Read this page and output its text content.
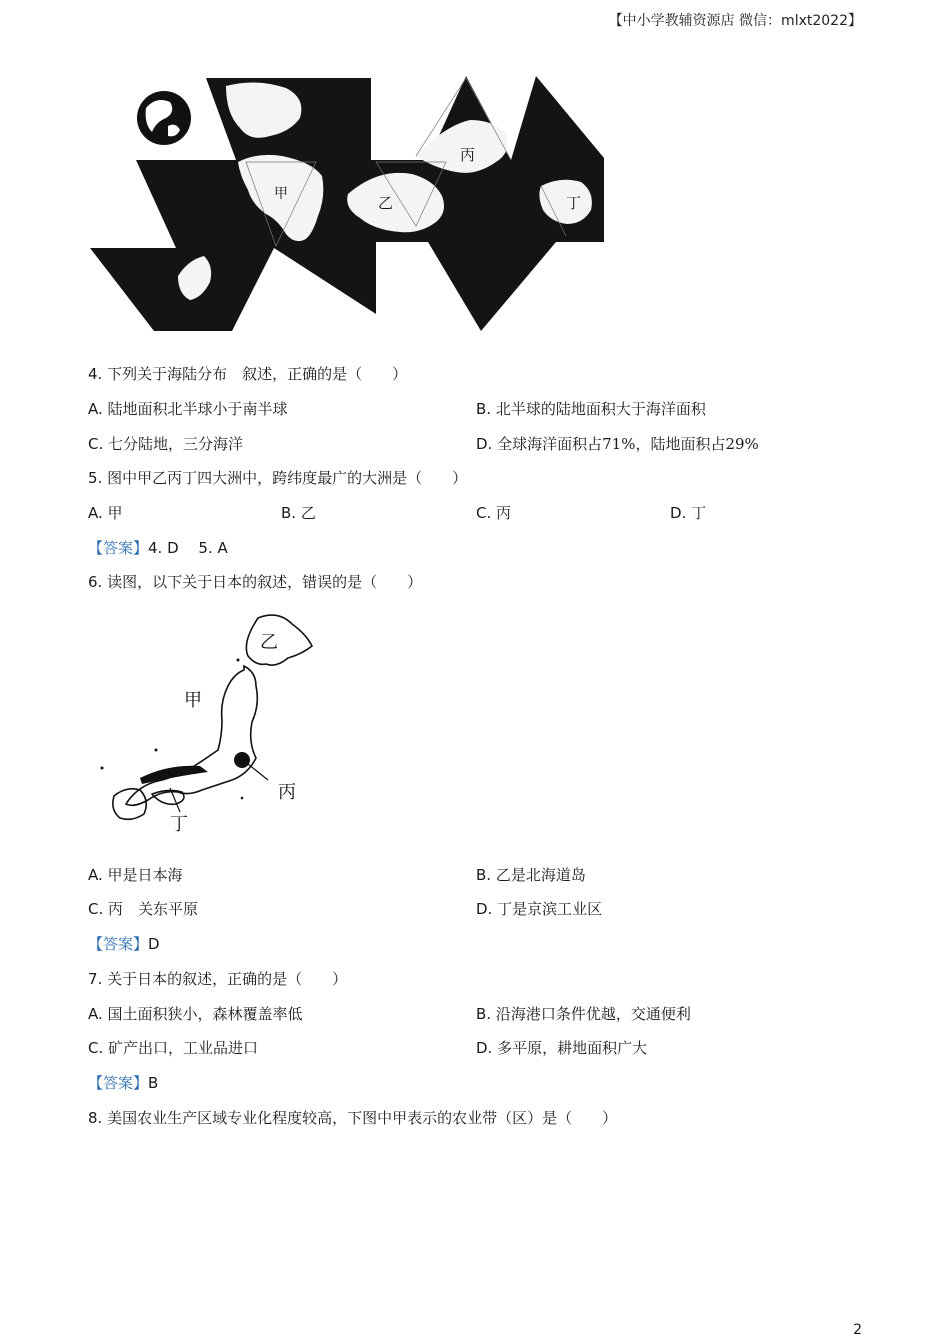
【中小学教辅资源店 微信：mlxt2022】
甲	乙
丙
丁
4. 下列关于海陆分布　叙述，正确的是（　　）
A. 陆地面积北半球小于南半球	B. 北半球的陆地面积大于海洋面积
C. 七分陆地，三分海洋	D. 全球海洋面积占71%，陆地面积占29%
5. 图中甲乙丙丁四大洲中，跨纬度最广的大洲是（　　）
A. 甲	B. 乙	C. 丙	D. 丁
【答案】4. D　 5. A
6. 读图，以下关于日本的叙述，错误的是（　　）
乙
甲
丙
丁
A. 甲是日本海	B. 乙是北海道岛
C. 丙　关东平原	D. 丁是京滨工业区
【答案】D
7. 关于日本的叙述，正确的是（　　）
A. 国土面积狭小，森林覆盖率低	B. 沿海港口条件优越，交通便利
C. 矿产出口，工业品进口	D. 多平原，耕地面积广大
【答案】B
8. 美国农业生产区域专业化程度较高，下图中甲表示的农业带（区）是（　　）
2
